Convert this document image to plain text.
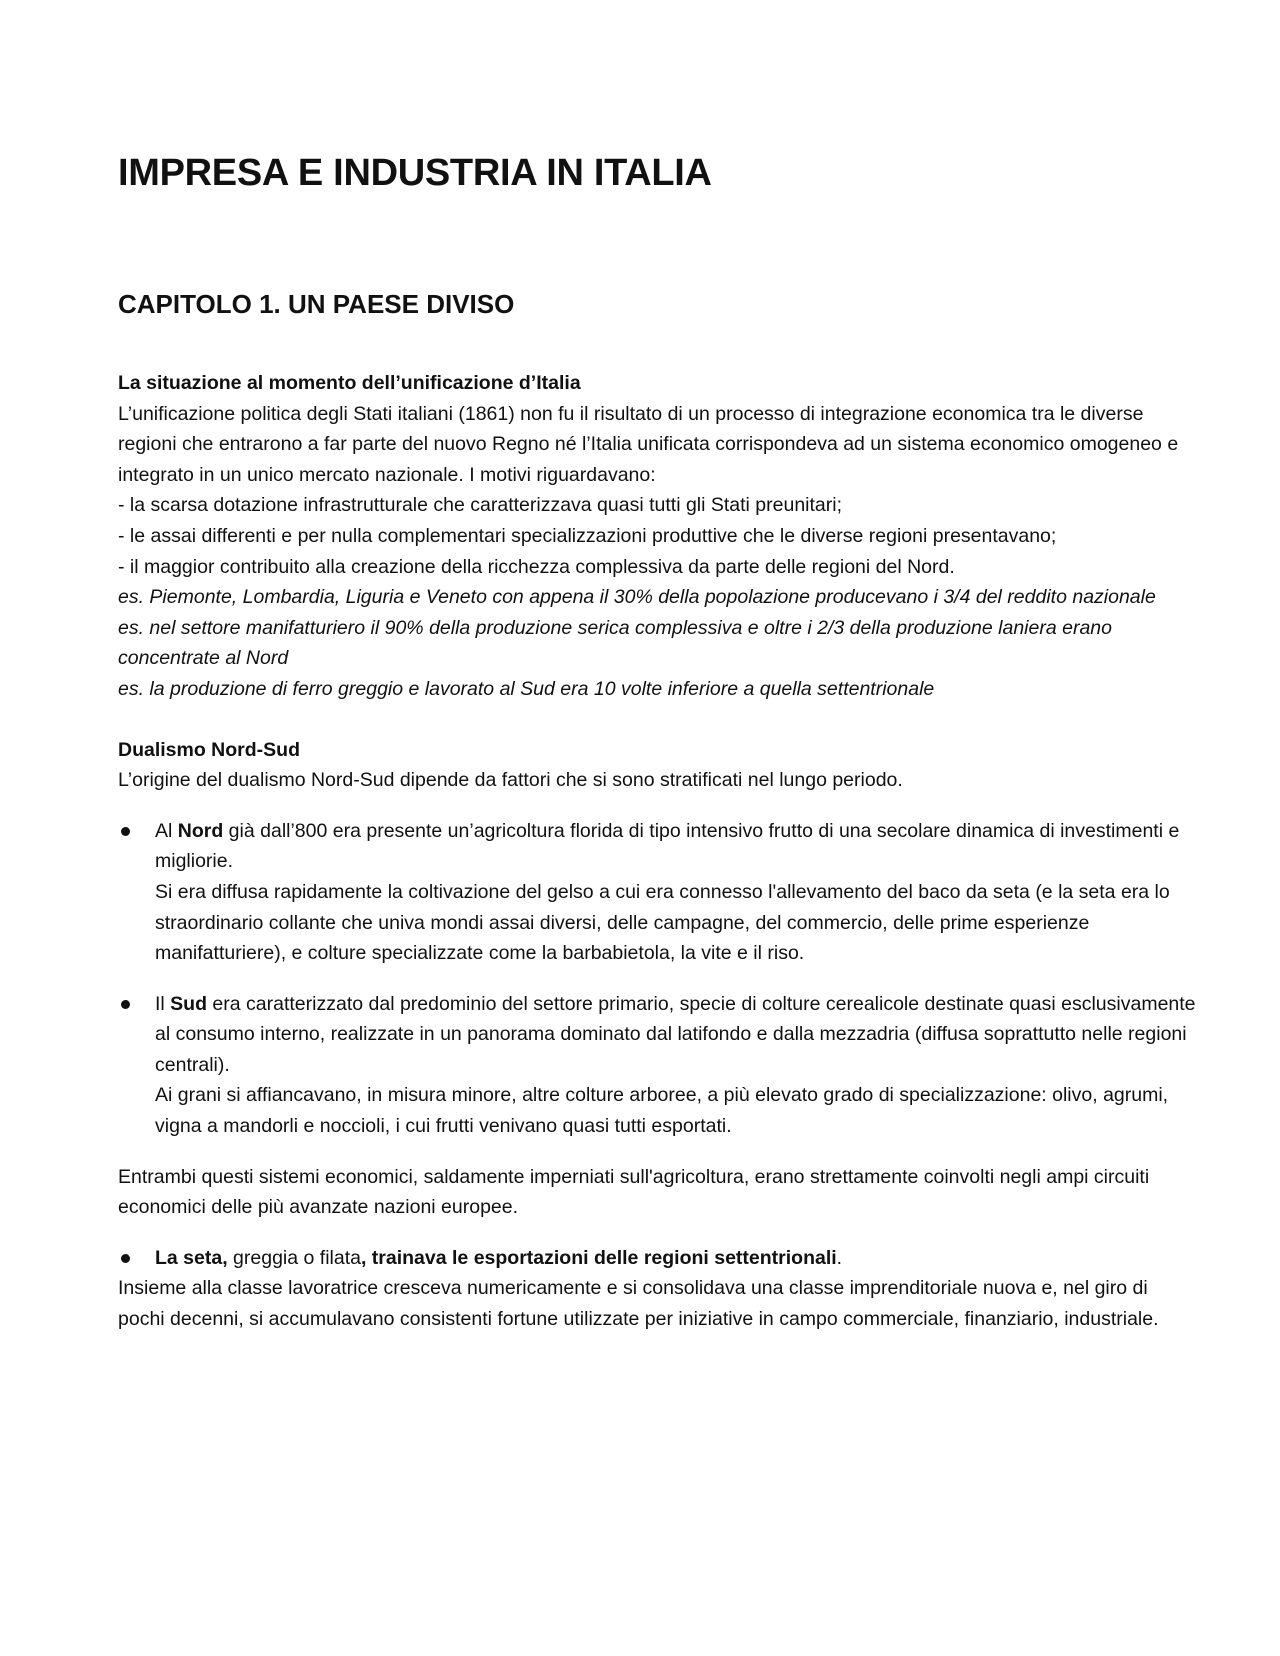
IMPRESA E INDUSTRIA IN ITALIA
CAPITOLO 1. UN PAESE DIVISO

La situazione al momento dell’unificazione d’Italia

L’unificazione politica degli Stati italiani (1861) non fu il risultato di un processo di integrazione economica tra le diverse regioni che entrarono a far parte del nuovo Regno né l’Italia unificata corrispondeva ad un sistema economico omogeneo e integrato in un unico mercato nazionale. I motivi riguardavano:

- la scarsa dotazione infrastrutturale che caratterizzava quasi tutti gli Stati preunitari;

- le assai differenti e per nulla complementari specializzazioni produttive che le diverse regioni presentavano;

- il maggior contribuito alla creazione della ricchezza complessiva da parte delle regioni del Nord.

es. Piemonte, Lombardia, Liguria e Veneto con appena il 30% della popolazione producevano i 3/4 del reddito nazionale

es. nel settore manifatturiero il 90% della produzione serica complessiva e oltre i 2/3 della produzione laniera erano concentrate al Nord

es. la produzione di ferro greggio e lavorato al Sud era 10 volte inferiore a quella settentrionale

Dualismo Nord-Sud

L’origine del dualismo Nord-Sud dipende da fattori che si sono stratificati nel lungo periodo.

Al Nord già dall’800 era presente un’agricoltura florida di tipo intensivo frutto di una secolare dinamica di investimenti e migliorie.
Si era diffusa rapidamente la coltivazione del gelso a cui era connesso l'allevamento del baco da seta (e la seta era lo straordinario collante che univa mondi assai diversi, delle campagne, del commercio, delle prime esperienze manifatturiere), e colture specializzate come la barbabietola, la vite e il riso.
Il Sud era caratterizzato dal predominio del settore primario, specie di colture cerealicole destinate quasi esclusivamente al consumo interno, realizzate in un panorama dominato dal latifondo e dalla mezzadria (diffusa soprattutto nelle regioni centrali).
Ai grani si affiancavano, in misura minore, altre colture arboree, a più elevato grado di specializzazione: olivo, agrumi, vigna a mandorli e noccioli, i cui frutti venivano quasi tutti esportati.

Entrambi questi sistemi economici, saldamente imperniati sull'agricoltura, erano strettamente coinvolti negli ampi circuiti economici delle più avanzate nazioni europee.

La seta, greggia o filata, trainava le esportazioni delle regioni settentrionali.

Insieme alla classe lavoratrice cresceva numericamente e si consolidava una classe imprenditoriale nuova e, nel giro di pochi decenni, si accumulavano consistenti fortune utilizzate per iniziative in campo commerciale, finanziario, industriale.
